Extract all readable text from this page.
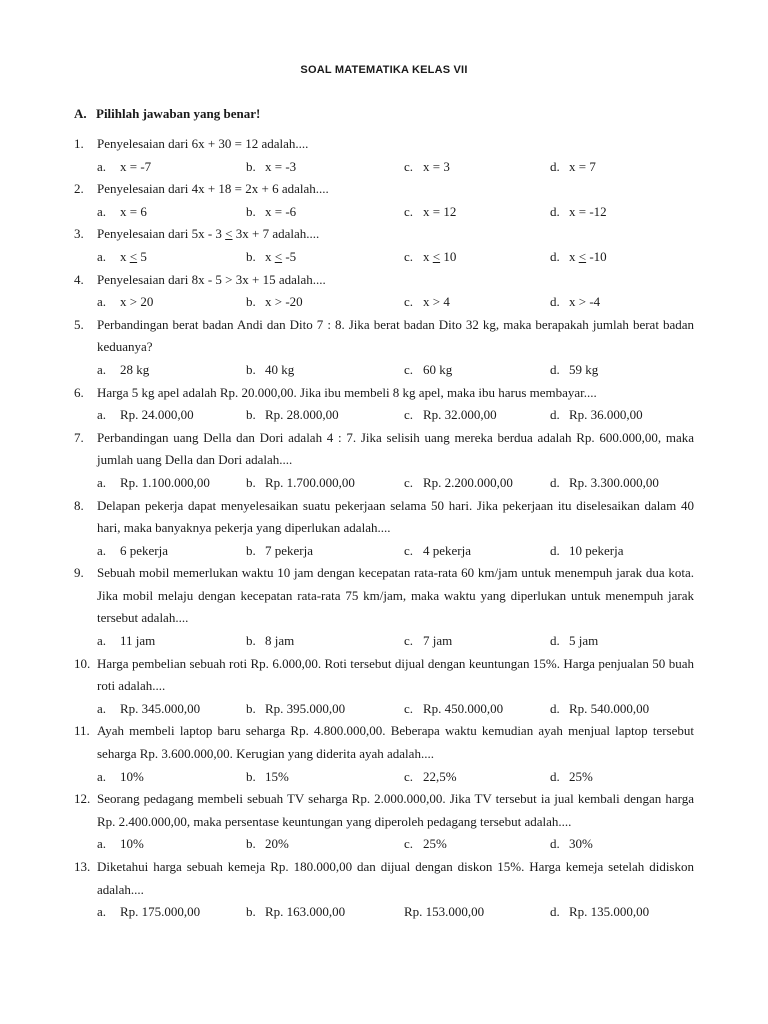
SOAL MATEMATIKA KELAS VII
A. Pilihlah jawaban yang benar!
1.	Penyelesaian dari 6x + 30 = 12 adalah....
a. x = -7	b. x = -3	c. x = 3	d. x = 7
2.	Penyelesaian dari 4x + 18 = 2x + 6 adalah....
a. x = 6	b. x = -6	c. x = 12	d. x = -12
3.	Penyelesaian dari 5x - 3 < 3x + 7 adalah....
a. x < 5	b. x < -5	c. x < 10	d. x < -10
4.	Penyelesaian dari 8x - 5 > 3x + 15 adalah....
a. x > 20	b. x > -20	c. x > 4	d. x > -4
5.	Perbandingan berat badan Andi dan Dito 7 : 8. Jika berat badan Dito 32 kg, maka berapakah jumlah berat badan keduanya?
a. 28 kg	b. 40 kg	c. 60 kg	d. 59 kg
6.	Harga 5 kg apel adalah Rp. 20.000,00. Jika ibu membeli 8 kg apel, maka ibu harus membayar....
a. Rp. 24.000,00	b. Rp. 28.000,00	c. Rp. 32.000,00	d. Rp. 36.000,00
7.	Perbandingan uang Della dan Dori adalah 4 : 7. Jika selisih uang mereka berdua adalah Rp. 600.000,00, maka jumlah uang Della dan Dori adalah....
a. Rp. 1.100.000,00	b. Rp. 1.700.000,00	c. Rp. 2.200.000,00	d. Rp. 3.300.000,00
8.	Delapan pekerja dapat menyelesaikan suatu pekerjaan selama 50 hari. Jika pekerjaan itu diselesaikan dalam 40 hari, maka banyaknya pekerja yang diperlukan adalah....
a. 6 pekerja	b. 7 pekerja	c. 4 pekerja	d. 10 pekerja
9.	Sebuah mobil memerlukan waktu 10 jam dengan kecepatan rata-rata 60 km/jam untuk menempuh jarak dua kota. Jika mobil melaju dengan kecepatan rata-rata 75 km/jam, maka waktu yang diperlukan untuk menempuh jarak tersebut adalah....
a. 11 jam	b. 8 jam	c. 7 jam	d. 5 jam
10. Harga pembelian sebuah roti Rp. 6.000,00. Roti tersebut dijual dengan keuntungan 15%. Harga penjualan 50 buah roti adalah....
a. Rp. 345.000,00	b. Rp. 395.000,00	c. Rp. 450.000,00	d. Rp. 540.000,00
11. Ayah membeli laptop baru seharga Rp. 4.800.000,00. Beberapa waktu kemudian ayah menjual laptop tersebut seharga Rp. 3.600.000,00. Kerugian yang diderita ayah adalah....
a. 10%	b. 15%	c. 22,5%	d. 25%
12. Seorang pedagang membeli sebuah TV seharga Rp. 2.000.000,00. Jika TV tersebut ia jual kembali dengan harga Rp. 2.400.000,00, maka persentase keuntungan yang diperoleh pedagang tersebut adalah....
a. 10%	b. 20%	c. 25%	d. 30%
13. Diketahui harga sebuah kemeja Rp. 180.000,00 dan dijual dengan diskon 15%. Harga kemeja setelah didiskon adalah....
a. Rp. 175.000,00	b. Rp. 163.000,00	Rp. 153.000,00	d. Rp. 135.000,00
